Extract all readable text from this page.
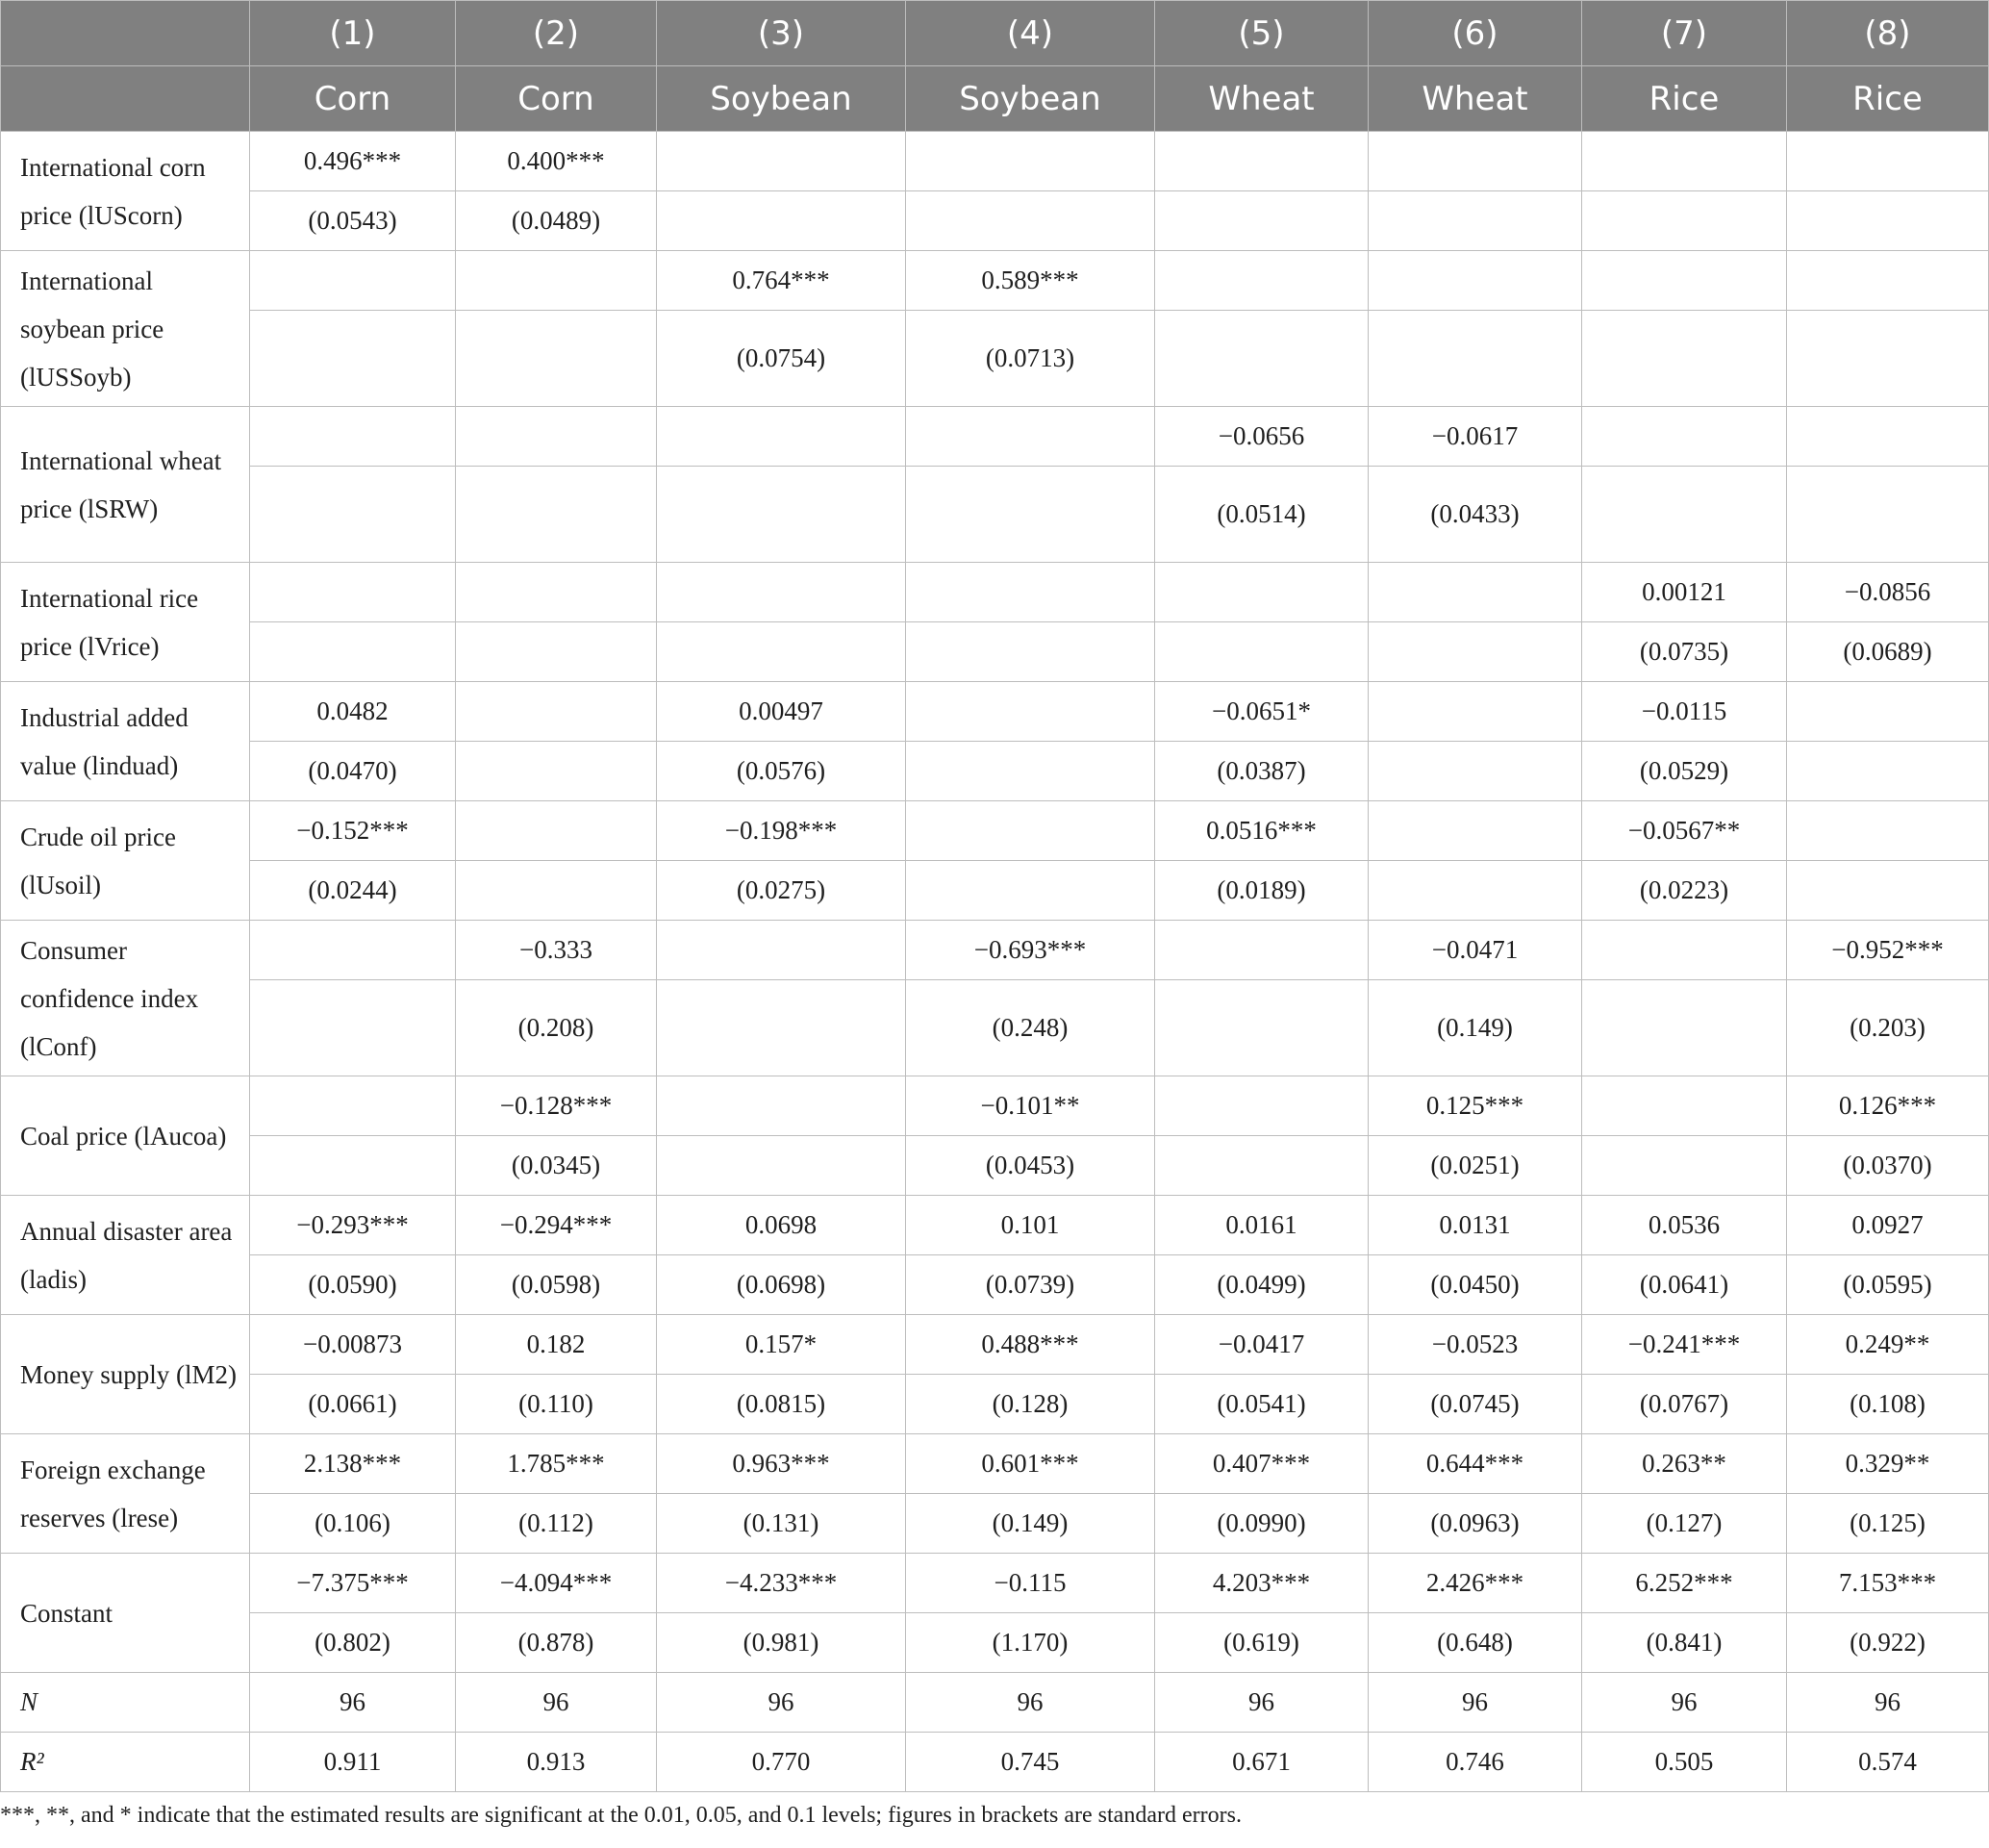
	(1)	(2)	(3)	(4)	(5)	(6)	(7)	(8)
	Corn	Corn	Soybean	Soybean	Wheat	Wheat	Rice	Rice
International corn price (lUScorn)	0.496***	0.400***						
	(0.0543)	(0.0489)						
International soybean price (lUSSoyb)			0.764***	0.589***				
			(0.0754)	(0.0713)				
International wheat price (lSRW)					−0.0656	−0.0617		
					(0.0514)	(0.0433)		
International rice price (lVrice)							0.00121	−0.0856
							(0.0735)	(0.0689)
Industrial added value (linduad)	0.0482		0.00497		−0.0651*		−0.0115	
	(0.0470)		(0.0576)		(0.0387)		(0.0529)	
Crude oil price (lUsoil)	−0.152***		−0.198***		0.0516***		−0.0567**	
	(0.0244)		(0.0275)		(0.0189)		(0.0223)	
Consumer confidence index (lConf)		−0.333		−0.693***		−0.0471		−0.952***
		(0.208)		(0.248)		(0.149)		(0.203)
Coal price (lAucoa)		−0.128***		−0.101**		0.125***		0.126***
		(0.0345)		(0.0453)		(0.0251)		(0.0370)
Annual disaster area (ladis)	−0.293***	−0.294***	0.0698	0.101	0.0161	0.0131	0.0536	0.0927
	(0.0590)	(0.0598)	(0.0698)	(0.0739)	(0.0499)	(0.0450)	(0.0641)	(0.0595)
Money supply (lM2)	−0.00873	0.182	0.157*	0.488***	−0.0417	−0.0523	−0.241***	0.249**
	(0.0661)	(0.110)	(0.0815)	(0.128)	(0.0541)	(0.0745)	(0.0767)	(0.108)
Foreign exchange reserves (lrese)	2.138***	1.785***	0.963***	0.601***	0.407***	0.644***	0.263**	0.329**
	(0.106)	(0.112)	(0.131)	(0.149)	(0.0990)	(0.0963)	(0.127)	(0.125)
Constant	−7.375***	−4.094***	−4.233***	−0.115	4.203***	2.426***	6.252***	7.153***
	(0.802)	(0.878)	(0.981)	(1.170)	(0.619)	(0.648)	(0.841)	(0.922)
N	96	96	96	96	96	96	96	96
R²	0.911	0.913	0.770	0.745	0.671	0.746	0.505	0.574
***, **, and * indicate that the estimated results are significant at the 0.01, 0.05, and 0.1 levels; figures in brackets are standard errors.
